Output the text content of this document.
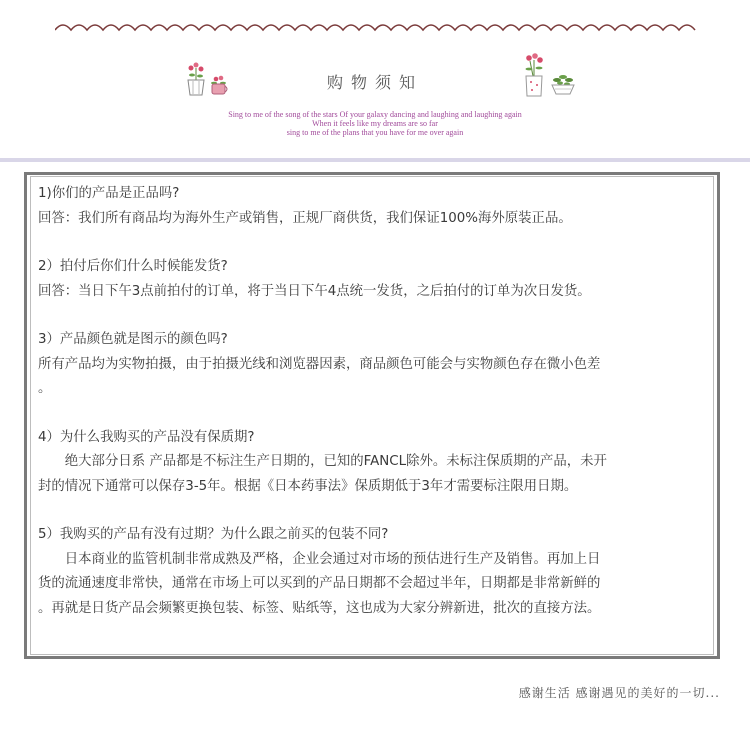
购物须知
Sing to me of the song of the stars Of your galaxy dancing and laughing and laughing again
When it feels like my dreams are so far
sing to me of the plans that you have for me over again

1)你们的产品是正品吗?

回答：我们所有商品均为海外生产或销售，正规厂商供货，我们保证100%海外原装正品。

2）拍付后你们什么时候能发货?

回答：当日下午3点前拍付的订单，将于当日下午4点统一发货，之后拍付的订单为次日发货。

3）产品颜色就是图示的颜色吗?

所有产品均为实物拍摄，由于拍摄光线和浏览器因素，商品颜色可能会与实物颜色存在微小色差

。

4）为什么我购买的产品没有保质期?

　　绝大部分日系 产品都是不标注生产日期的，已知的FANCL除外。未标注保质期的产品，未开

封的情况下通常可以保存3-5年。根据《日本药事法》保质期低于3年才需要标注限用日期。

5）我购买的产品有没有过期？为什么跟之前买的包装不同?

　　日本商业的监管机制非常成熟及严格，企业会通过对市场的预估进行生产及销售。再加上日

货的流通速度非常快，通常在市场上可以买到的产品日期都不会超过半年，日期都是非常新鲜的

。再就是日货产品会频繁更换包装、标签、贴纸等，这也成为大家分辨新进，批次的直接方法。

感谢生活 感谢遇见的美好的一切...
